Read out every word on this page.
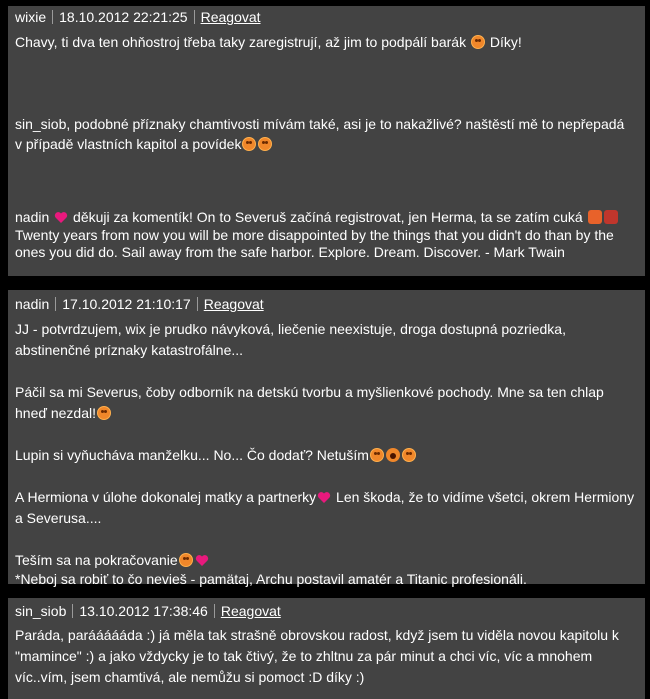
wixie 18.10.2012 22:21:25 Reagovat
Chavy, ti dva ten ohňostroj třeba taky zaregistrují, až jim to podpálí barák  Díky!
sin_siob, podobné příznaky chamtivosti mívám také, asi je to nakažlivé? naštěstí mě to nepřepadá
v případě vlastních kapitol a povídek
nadin
děkuji za komentík! On to Severuš začíná registrovat, jen Herma, ta se zatím cuká
Twenty years from now you will be more disappointed by the things that you didn't do than by the
ones you did do. Sail away from the safe harbor. Explore. Dream. Discover. - Mark Twain
nadin 17.10.2012 21:10:17 Reagovat
JJ - potvrdzujem, wix je prudko návyková, liečenie neexistuje, droga dostupná pozriedka,
abstinenčné príznaky katastrofálne...
Páčil sa mi Severus, čoby odborník na detskú tvorbu a myšlienkové pochody. Mne sa ten chlap
hneď nezdal!
Lupin si vyňucháva manželku... No... Čo dodať? Netuším
A Hermiona v úlohe dokonalej matky a partnerky
Len škoda, že to vidíme všetci, okrem Hermiony
a Severusa....
Teším sa na pokračovanie
*Neboj sa robiť to čo nevieš - pamätaj, Archu postavil amatér a Titanic profesionáli.
sin_siob 13.10.2012 17:38:46 Reagovat
Paráda, paráááááda :) já měla tak strašně obrovskou radost, když jsem tu viděla novou kapitolu k
"mamince" :) a jako vždycky je to tak čtivý, že to zhltnu za pár minut a chci víc, víc a mnohem
víc..vím, jsem chamtivá, ale nemůžu si pomoct :D díky :)
